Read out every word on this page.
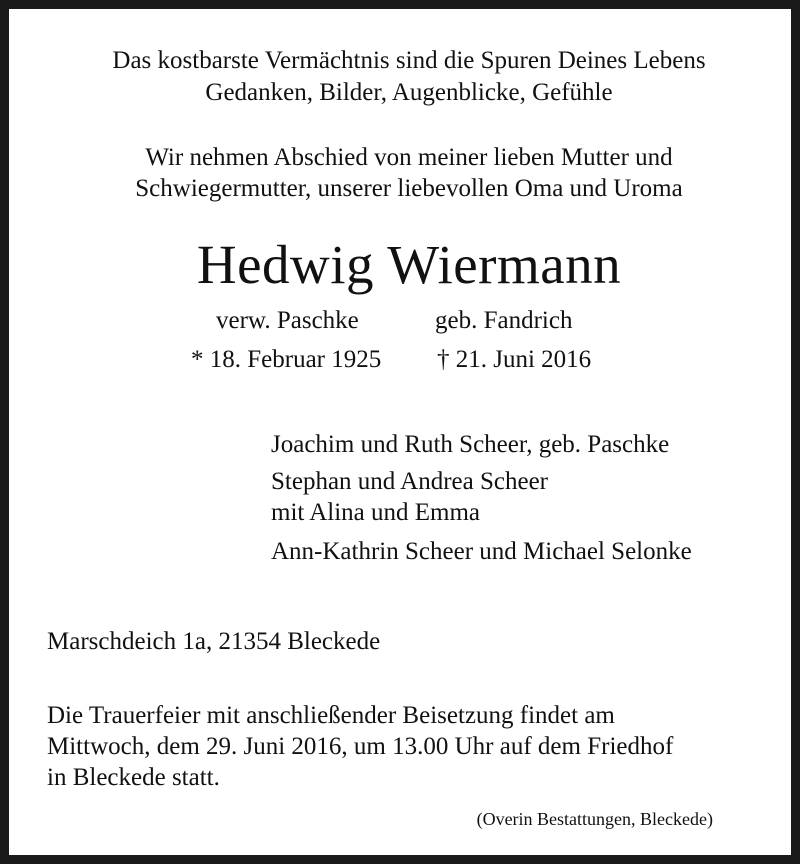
Das kostbarste Vermächtnis sind die Spuren Deines Lebens
Gedanken, Bilder, Augenblicke, Gefühle
Wir nehmen Abschied von meiner lieben Mutter und
Schwiegermutter, unserer liebevollen Oma und Uroma
Hedwig Wiermann
verw. Paschke	geb. Fandrich
* 18. Februar 1925 † 21. Juni 2016
Joachim und Ruth Scheer, geb. Paschke
Stephan und Andrea Scheer
mit Alina und Emma
Ann-Kathrin Scheer und Michael Selonke
Marschdeich 1a, 21354 Bleckede
Die Trauerfeier mit anschließender Beisetzung findet am
Mittwoch, dem 29. Juni 2016, um 13.00 Uhr auf dem Friedhof
in Bleckede statt.
(Overin Bestattungen, Bleckede)
